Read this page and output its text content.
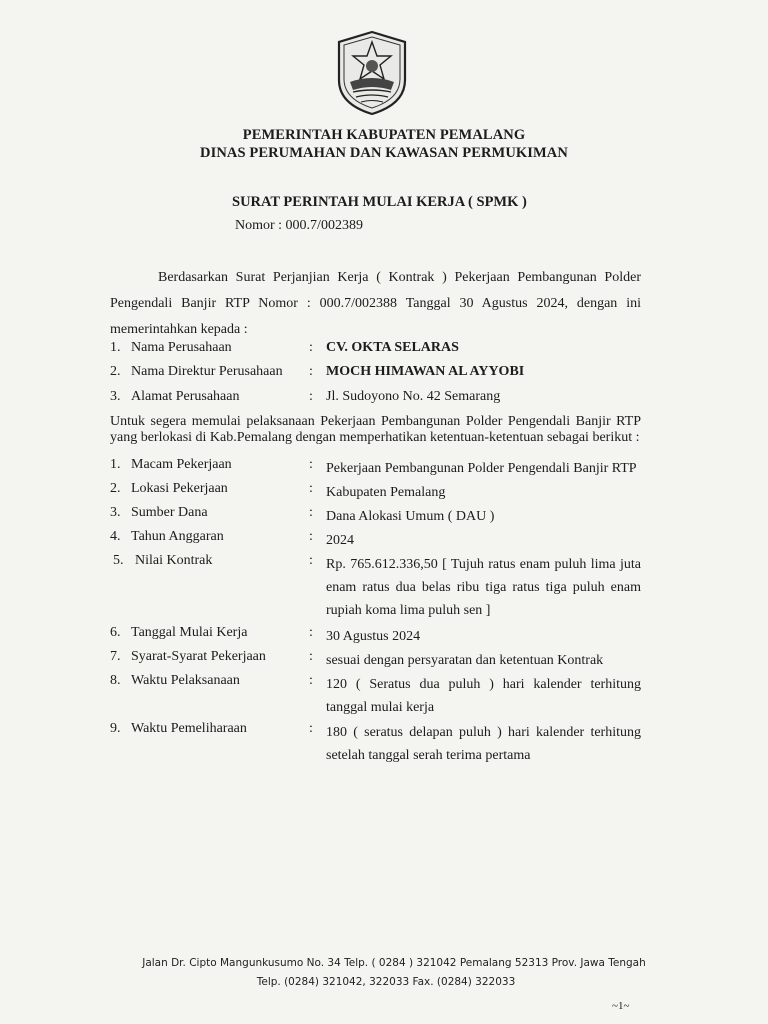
PEMERINTAH KABUPATEN PEMALANG
DINAS PERUMAHAN DAN KAWASAN PERMUKIMAN
SURAT PERINTAH MULAI KERJA ( SPMK )
Nomor : 000.7/002389
Berdasarkan Surat Perjanjian Kerja ( Kontrak ) Pekerjaan Pembangunan Polder Pengendali Banjir RTP Nomor : 000.7/002388 Tanggal 30 Agustus 2024, dengan ini memerintahkan kepada :
1. Nama Perusahaan	: CV. OKTA SELARAS
2. Nama Direktur Perusahaan : MOCH HIMAWAN AL AYYOBI
3. Alamat Perusahaan	: Jl. Sudoyono No. 42 Semarang
Untuk segera memulai pelaksanaan Pekerjaan Pembangunan Polder Pengendali Banjir RTP yang berlokasi di Kab.Pemalang dengan memperhatikan ketentuan-ketentuan sebagai berikut :
1. Macam Pekerjaan	: Pekerjaan Pembangunan Polder Pengendali Banjir RTP
2. Lokasi Pekerjaan	: Kabupaten Pemalang
3. Sumber Dana	: Dana Alokasi Umum ( DAU )
4. Tahun Anggaran	: 2024
5. Nilai Kontrak	: Rp. 765.612.336,50 [ Tujuh ratus enam puluh lima juta enam ratus dua belas ribu tiga ratus tiga puluh enam rupiah koma lima puluh sen ]
6. Tanggal Mulai Kerja	: 30 Agustus 2024
7. Syarat-Syarat Pekerjaan	: sesuai dengan persyaratan dan ketentuan Kontrak
8. Waktu Pelaksanaan	: 120 ( Seratus dua puluh ) hari kalender terhitung tanggal mulai kerja
9. Waktu Pemeliharaan	: 180 ( seratus delapan puluh ) hari kalender terhitung setelah tanggal serah terima pertama
Jalan Dr. Cipto Mangunkusumo No. 34 Telp. ( 0284 ) 321042 Pemalang 52313 Prov. Jawa Tengah
Telp. (0284) 321042, 322033 Fax. (0284) 322033
~1~
